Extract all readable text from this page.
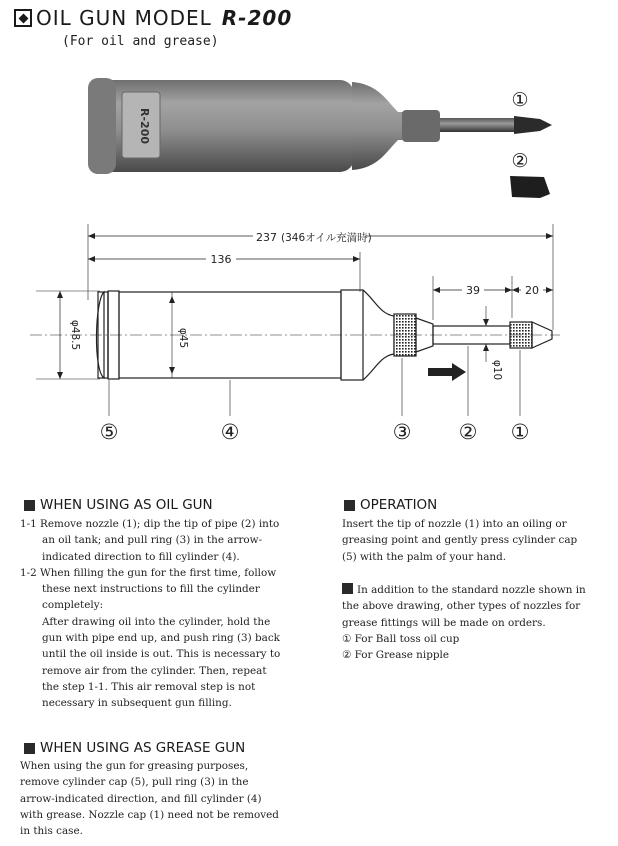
OIL GUN MODEL R-200
(For oil and grease)
R-200
①
②
237 (346オイル充満時)
136
39	20
φ48.5	φ45
φ10
⑤	④	③ ② ①
WHEN USING AS OIL GUN

1-1 Remove nozzle (1); dip the tip of pipe (2) into an oil tank; and pull ring (3) in the arrow-indicated direction to fill cylinder (4).

1-2 When filling the gun for the first time, follow these next instructions to fill the cylinder completely:

After drawing oil into the cylinder, hold the gun with pipe end up, and push ring (3) back until the oil inside is out. This is necessary to remove air from the cylinder. Then, repeat the step 1-1. This air removal step is not necessary in subsequent gun filling.

WHEN USING AS GREASE GUN

When using the gun for greasing purposes, remove cylinder cap (5), pull ring (3) in the arrow-indicated direction, and fill cylinder (4) with grease. Nozzle cap (1) need not be removed in this case.

OPERATION

Insert the tip of nozzle (1) into an oiling or greasing point and gently press cylinder cap (5) with the palm of your hand.

In addition to the standard nozzle shown in the above drawing, other types of nozzles for grease fittings will be made on orders.

① For Ball toss oil cup

② For Grease nipple
